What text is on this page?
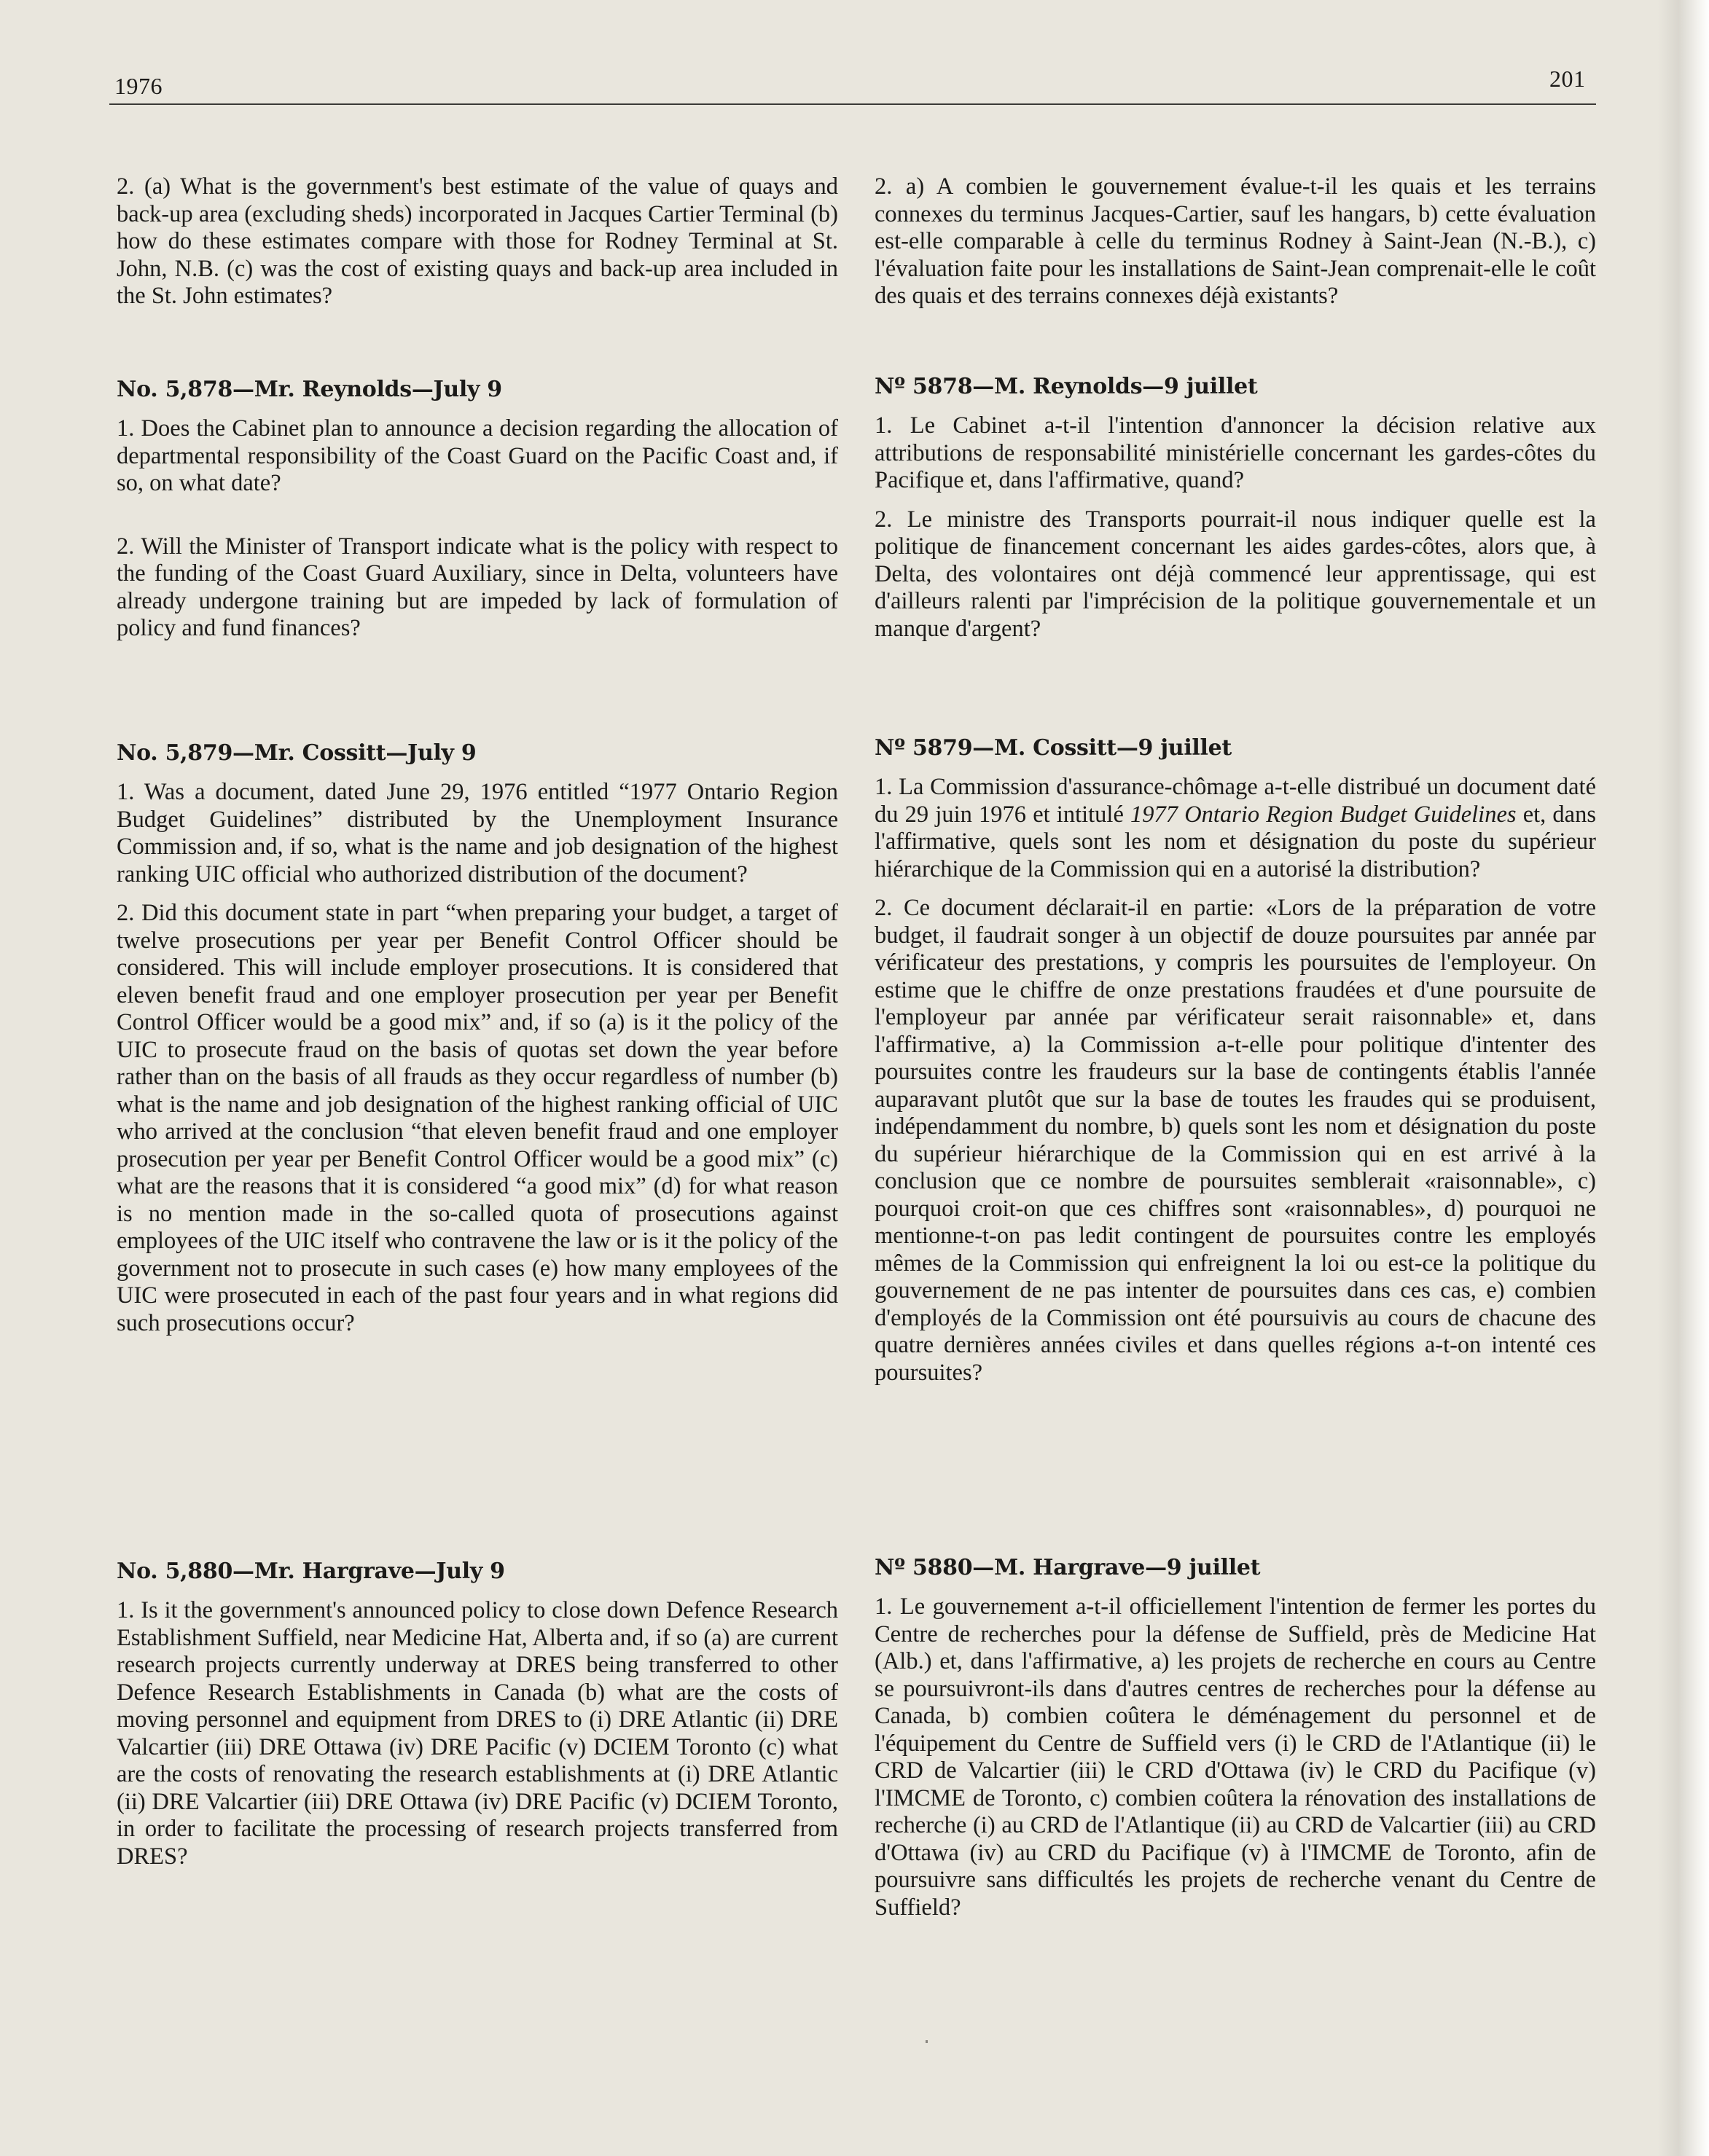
1976	201

2. (a) What is the government's best estimate of the value of quays and back-up area (excluding sheds) incorporated in Jacques Cartier Terminal (b) how do these estimates compare with those for Rodney Terminal at St. John, N.B. (c) was the cost of existing quays and back-up area included in the St. John estimates?

No. 5,878—Mr. Reynolds—July 9

1. Does the Cabinet plan to announce a decision regarding the allocation of departmental responsibility of the Coast Guard on the Pacific Coast and, if so, on what date?

2. Will the Minister of Transport indicate what is the policy with respect to the funding of the Coast Guard Auxiliary, since in Delta, volunteers have already undergone training but are impeded by lack of formulation of policy and fund finances?

No. 5,879—Mr. Cossitt—July 9

1. Was a document, dated June 29, 1976 entitled “1977 Ontario Region Budget Guidelines” distributed by the Unemployment Insurance Commission and, if so, what is the name and job designation of the highest ranking UIC official who authorized distribution of the document?

2. Did this document state in part “when preparing your budget, a target of twelve prosecutions per year per Benefit Control Officer should be considered. This will include employer prosecutions. It is considered that eleven benefit fraud and one employer prosecution per year per Benefit Control Officer would be a good mix” and, if so (a) is it the policy of the UIC to prosecute fraud on the basis of quotas set down the year before rather than on the basis of all frauds as they occur regardless of number (b) what is the name and job designation of the highest ranking official of UIC who arrived at the conclusion “that eleven benefit fraud and one employer prosecution per year per Benefit Control Officer would be a good mix” (c) what are the reasons that it is considered “a good mix” (d) for what reason is no mention made in the so-called quota of prosecutions against employees of the UIC itself who contravene the law or is it the policy of the government not to prosecute in such cases (e) how many employees of the UIC were prosecuted in each of the past four years and in what regions did such prosecutions occur?

No. 5,880—Mr. Hargrave—July 9

1. Is it the government's announced policy to close down Defence Research Establishment Suffield, near Medicine Hat, Alberta and, if so (a) are current research projects currently underway at DRES being transferred to other Defence Research Establishments in Canada (b) what are the costs of moving personnel and equipment from DRES to (i) DRE Atlantic (ii) DRE Valcartier (iii) DRE Ottawa (iv) DRE Pacific (v) DCIEM Toronto (c) what are the costs of renovating the research establishments at (i) DRE Atlantic (ii) DRE Valcartier (iii) DRE Ottawa (iv) DRE Pacific (v) DCIEM Toronto, in order to facilitate the processing of research projects transferred from DRES?

2. a) A combien le gouvernement évalue-t-il les quais et les terrains connexes du terminus Jacques-Cartier, sauf les hangars, b) cette évaluation est-elle comparable à celle du terminus Rodney à Saint-Jean (N.-B.), c) l'évaluation faite pour les installations de Saint-Jean comprenait-elle le coût des quais et des terrains connexes déjà existants?

Nº 5878—M. Reynolds—9 juillet

1. Le Cabinet a-t-il l'intention d'annoncer la décision relative aux attributions de responsabilité ministérielle concernant les gardes-côtes du Pacifique et, dans l'affirmative, quand?

2. Le ministre des Transports pourrait-il nous indiquer quelle est la politique de financement concernant les aides gardes-côtes, alors que, à Delta, des volontaires ont déjà commencé leur apprentissage, qui est d'ailleurs ralenti par l'imprécision de la politique gouvernementale et un manque d'argent?

Nº 5879—M. Cossitt—9 juillet

1. La Commission d'assurance-chômage a-t-elle distribué un document daté du 29 juin 1976 et intitulé 1977 Ontario Region Budget Guidelines et, dans l'affirmative, quels sont les nom et désignation du poste du supérieur hiérarchique de la Commission qui en a autorisé la distribution?

2. Ce document déclarait-il en partie: «Lors de la préparation de votre budget, il faudrait songer à un objectif de douze poursuites par année par vérificateur des prestations, y compris les poursuites de l'employeur. On estime que le chiffre de onze prestations fraudées et d'une poursuite de l'employeur par année par vérificateur serait raisonnable» et, dans l'affirmative, a) la Commission a-t-elle pour politique d'intenter des poursuites contre les fraudeurs sur la base de contingents établis l'année auparavant plutôt que sur la base de toutes les fraudes qui se produisent, indépendamment du nombre, b) quels sont les nom et désignation du poste du supérieur hiérarchique de la Commission qui en est arrivé à la conclusion que ce nombre de poursuites semblerait «raisonnable», c) pourquoi croit-on que ces chiffres sont «raisonnables», d) pourquoi ne mentionne-t-on pas ledit contingent de poursuites contre les employés mêmes de la Commission qui enfreignent la loi ou est-ce la politique du gouvernement de ne pas intenter de poursuites dans ces cas, e) combien d'employés de la Commission ont été poursuivis au cours de chacune des quatre dernières années civiles et dans quelles régions a-t-on intenté ces poursuites?

Nº 5880—M. Hargrave—9 juillet

1. Le gouvernement a-t-il officiellement l'intention de fermer les portes du Centre de recherches pour la défense de Suffield, près de Medicine Hat (Alb.) et, dans l'affirmative, a) les projets de recherche en cours au Centre se poursuivront-ils dans d'autres centres de recherches pour la défense au Canada, b) combien coûtera le déménagement du personnel et de l'équipement du Centre de Suffield vers (i) le CRD de l'Atlantique (ii) le CRD de Valcartier (iii) le CRD d'Ottawa (iv) le CRD du Pacifique (v) l'IMCME de Toronto, c) combien coûtera la rénovation des installations de recherche (i) au CRD de l'Atlantique (ii) au CRD de Valcartier (iii) au CRD d'Ottawa (iv) au CRD du Pacifique (v) à l'IMCME de Toronto, afin de poursuivre sans difficultés les projets de recherche venant du Centre de Suffield?
